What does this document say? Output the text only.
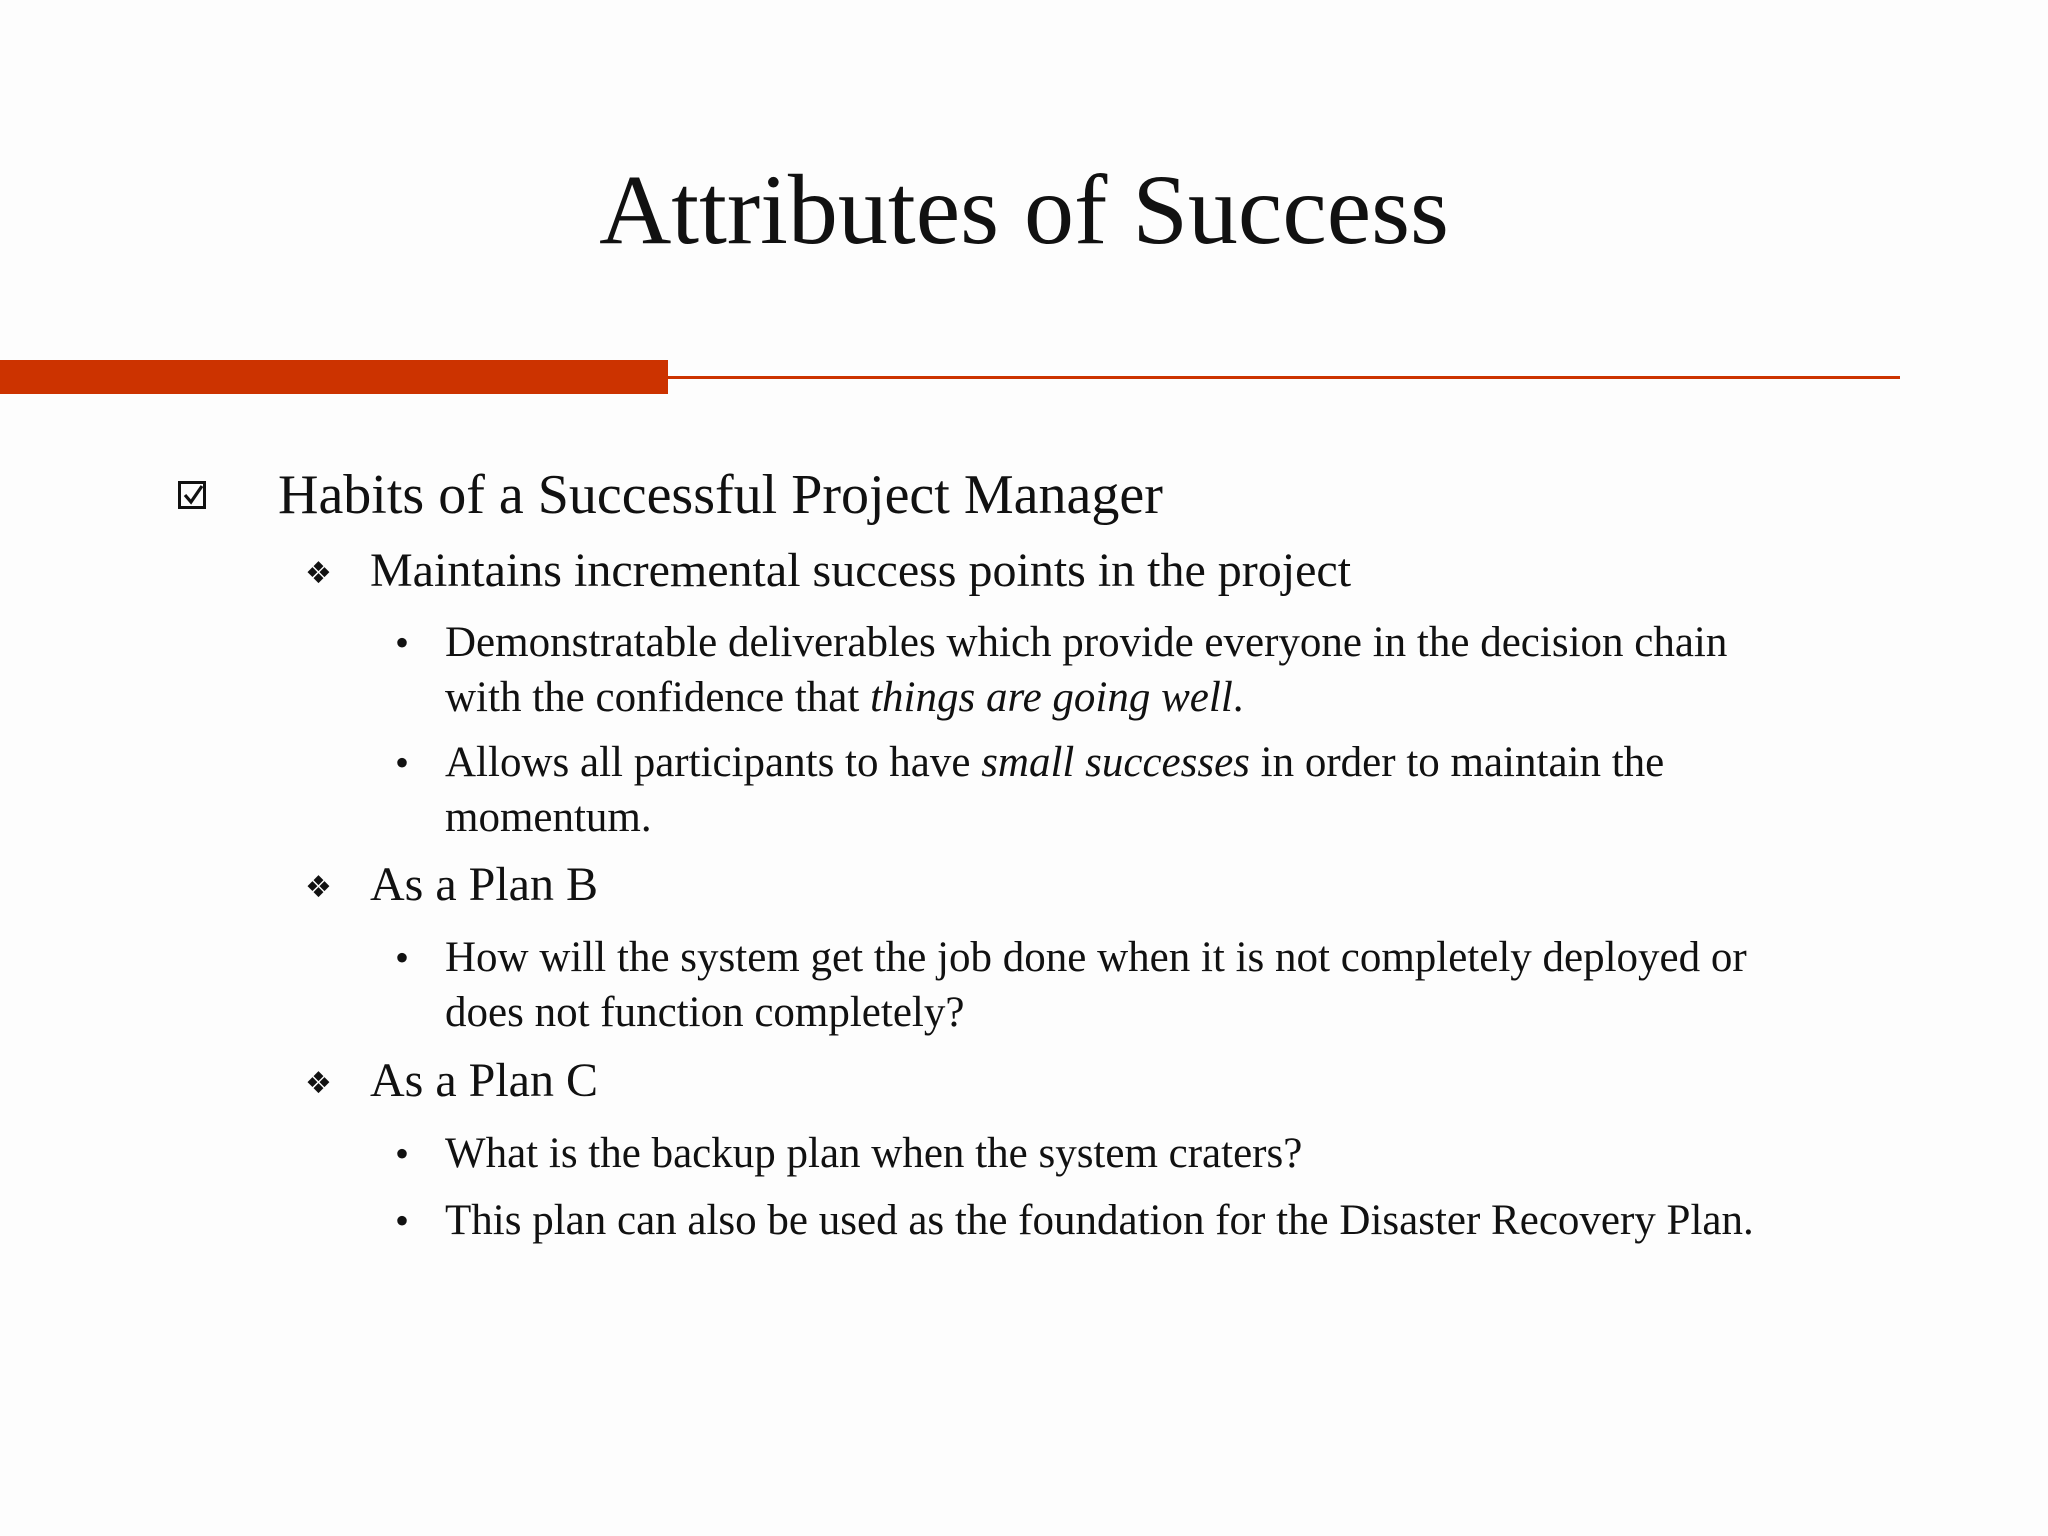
Attributes of Success
Habits of a Successful Project Manager
❖ Maintains incremental success points in the project
• Demonstratable deliverables which provide everyone in the decision chain
with the confidence that things are going well.
• Allows all participants to have small successes in order to maintain the
momentum.
❖ As a Plan B
• How will the system get the job done when it is not completely deployed or
does not function completely?
❖ As a Plan C
• What is the backup plan when the system craters?
• This plan can also be used as the foundation for the Disaster Recovery Plan.
